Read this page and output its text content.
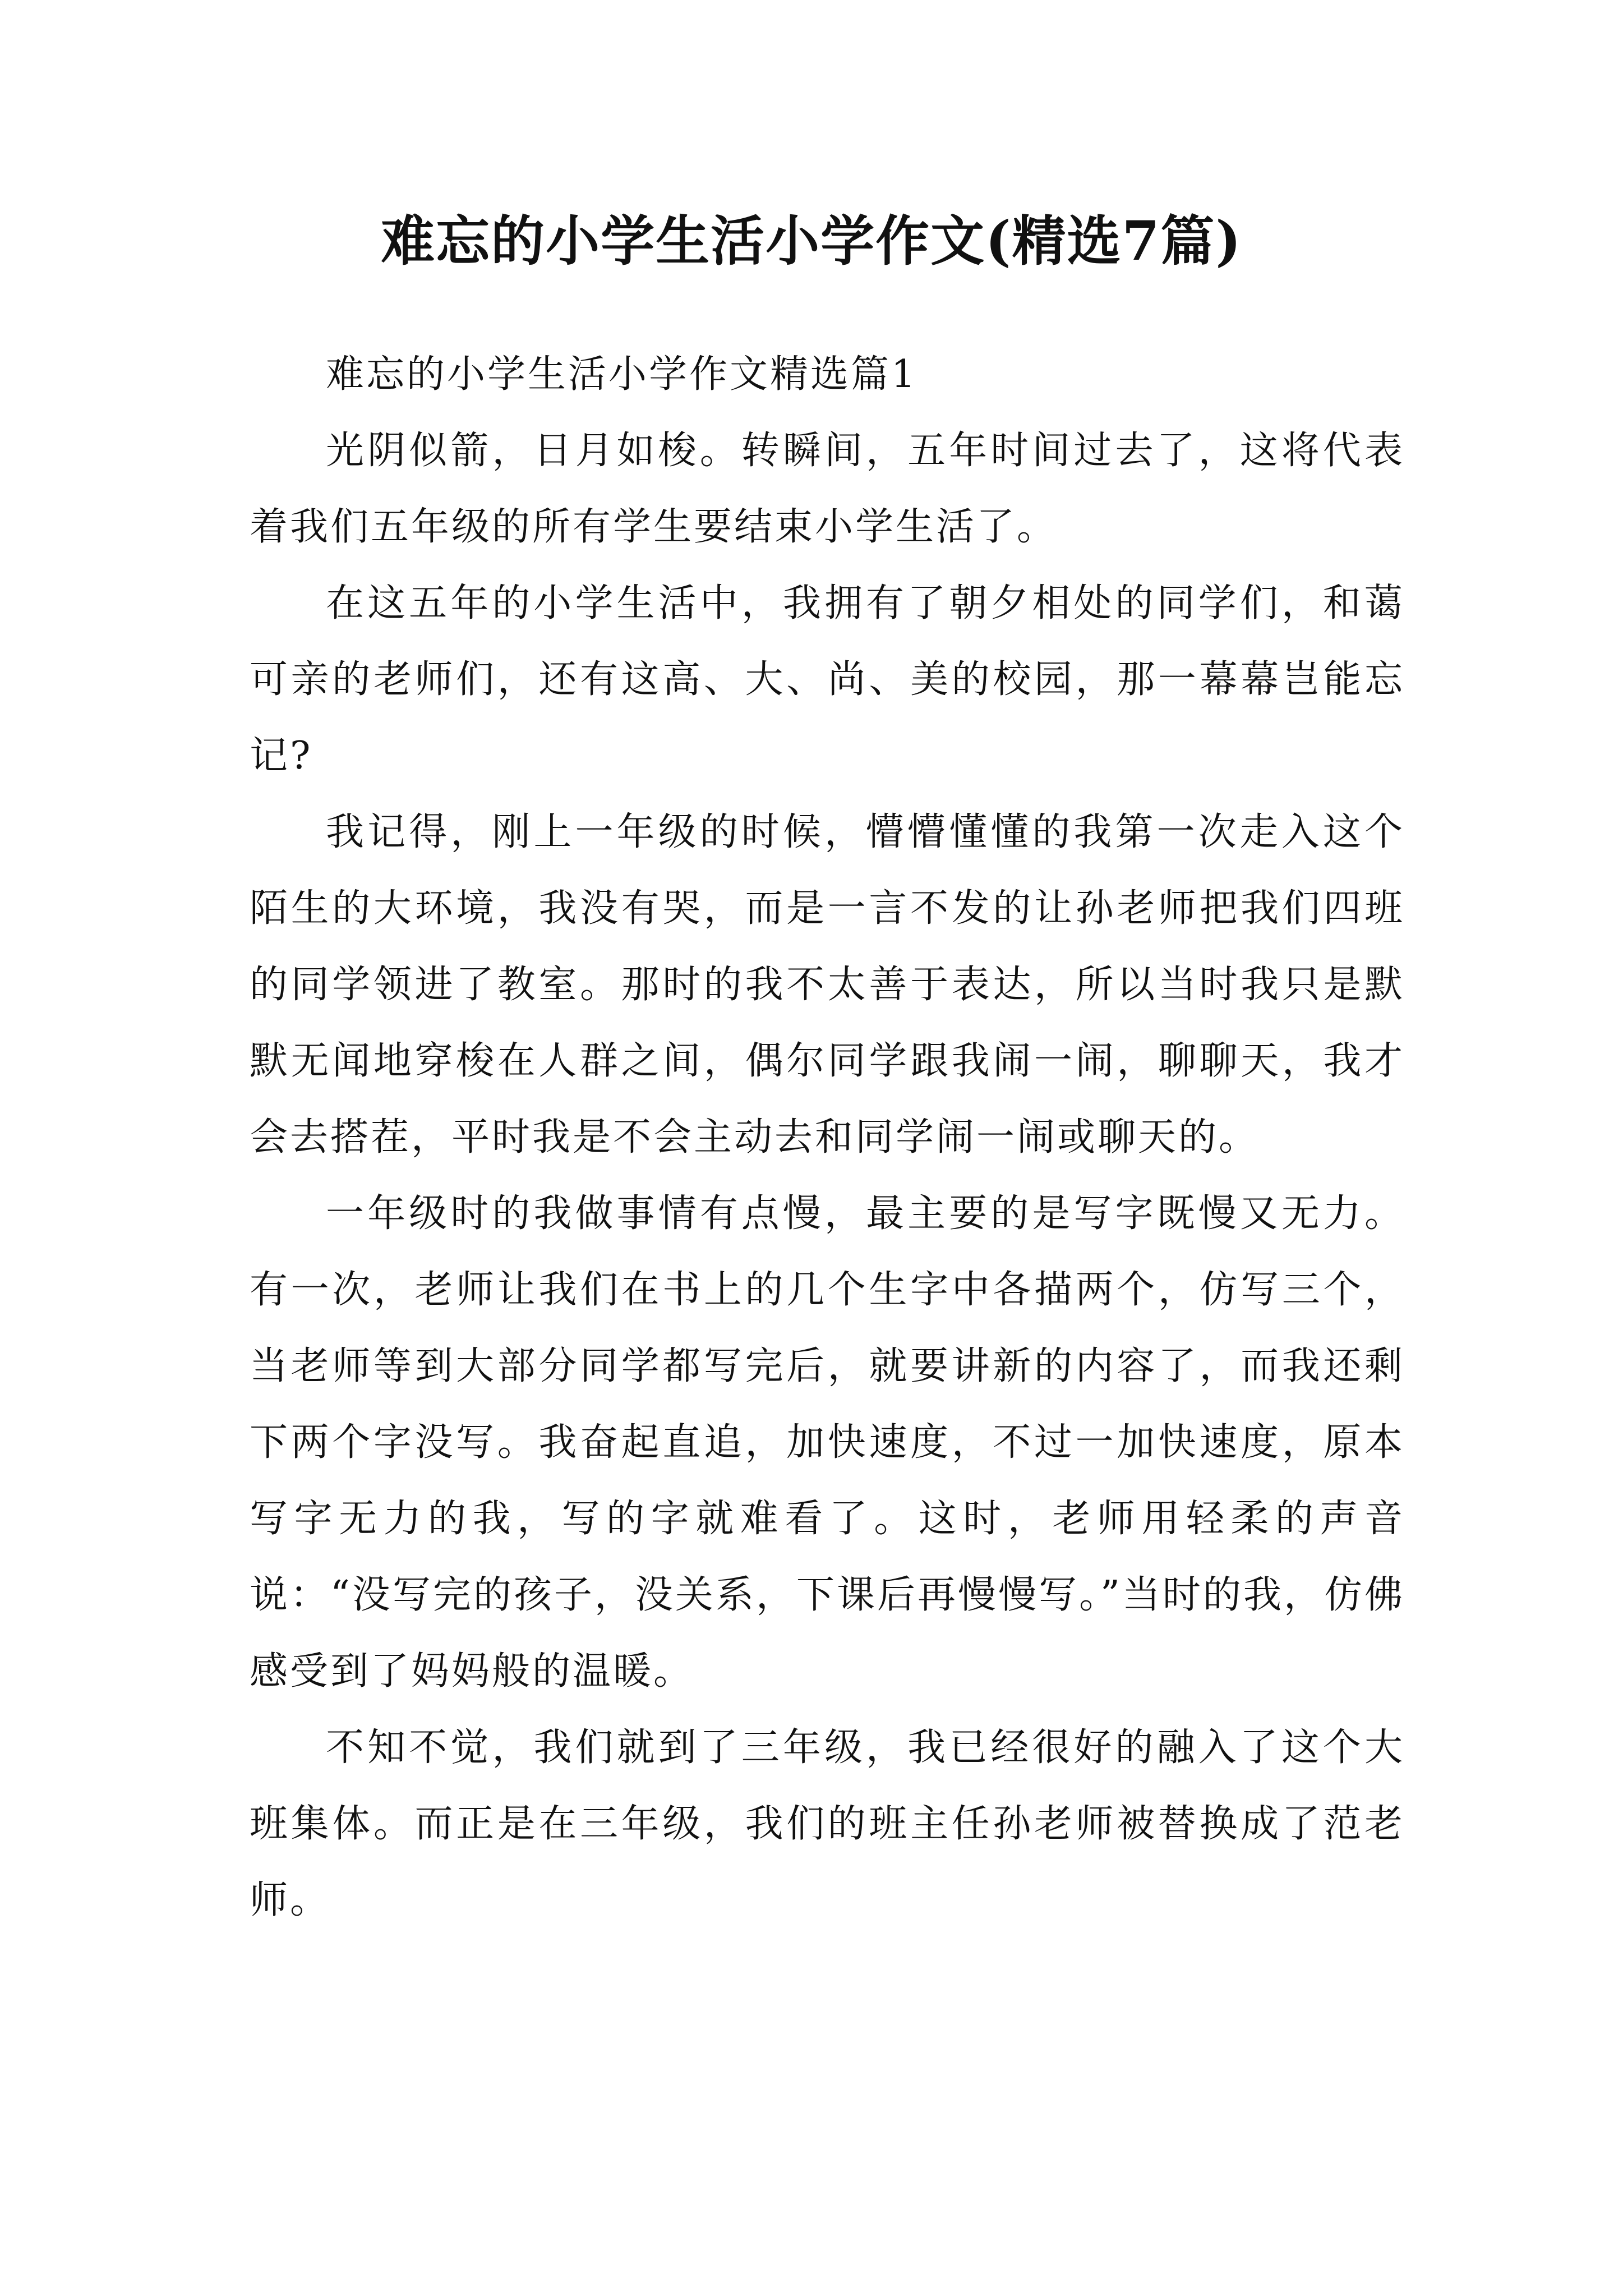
难忘的小学生活小学作文(精选7篇)

难忘的小学生活小学作文精选篇1

光阴似箭，日月如梭。转瞬间，五年时间过去了，这将代表着我们五年级的所有学生要结束小学生活了。

在这五年的小学生活中，我拥有了朝夕相处的同学们，和蔼可亲的老师们，还有这高、大、尚、美的校园，那一幕幕岂能忘记?

我记得，刚上一年级的时候，懵懵懂懂的我第一次走入这个陌生的大环境，我没有哭，而是一言不发的让孙老师把我们四班的同学领进了教室。那时的我不太善于表达，所以当时我只是默默无闻地穿梭在人群之间，偶尔同学跟我闹一闹，聊聊天，我才会去搭茬，平时我是不会主动去和同学闹一闹或聊天的。

一年级时的我做事情有点慢，最主要的是写字既慢又无力。有一次，老师让我们在书上的几个生字中各描两个，仿写三个，当老师等到大部分同学都写完后，就要讲新的内容了，而我还剩下两个字没写。我奋起直追，加快速度，不过一加快速度，原本写字无力的我，写的字就难看了。这时，老师用轻柔的声音说：“没写完的孩子，没关系，下课后再慢慢写。”当时的我，仿佛感受到了妈妈般的温暖。

不知不觉，我们就到了三年级，我已经很好的融入了这个大班集体。而正是在三年级，我们的班主任孙老师被替换成了范老师。
